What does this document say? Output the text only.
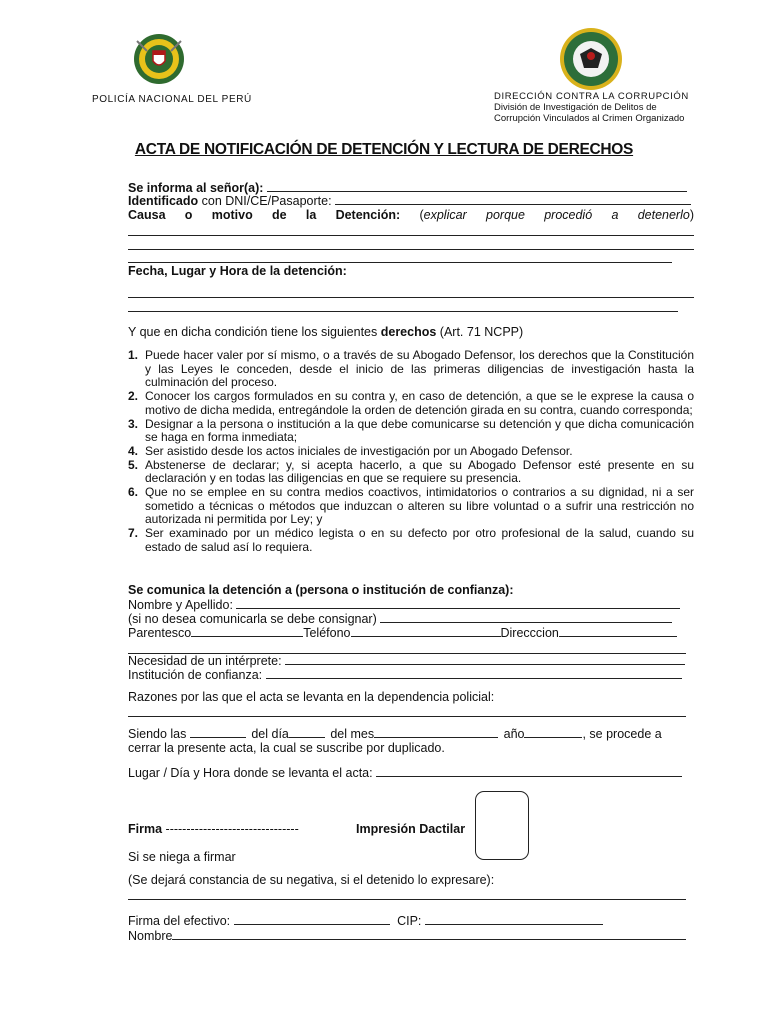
POLICÍA NACIONAL DEL PERÚ	DIRECCIÓN CONTRA LA CORRUPCIÓN
División de Investigación de Delitos de
Corrupción Vinculados al Crimen Organizado
ACTA DE NOTIFICACIÓN DE DETENCIÓN Y LECTURA DE DERECHOS
Se informa al señor(a):
Identificado con DNI/CE/Pasaporte:
Causa o motivo de la Detención: (explicar porque procedió a detenerlo)
Fecha, Lugar y Hora de la detención:
Y que en dicha condición tiene los siguientes derechos (Art. 71 NCPP)
1. Puede hacer valer por sí mismo, o a través de su Abogado Defensor, los derechos que la Constitución y las Leyes le conceden, desde el inicio de las primeras diligencias de investigación hasta la culminación del proceso.
2. Conocer los cargos formulados en su contra y, en caso de detención, a que se le exprese la causa o motivo de dicha medida, entregándole la orden de detención girada en su contra, cuando corresponda;
3. Designar a la persona o institución a la que debe comunicarse su detención y que dicha comunicación se haga en forma inmediata;
4. Ser asistido desde los actos iniciales de investigación por un Abogado Defensor.
5. Abstenerse de declarar; y, si acepta hacerlo, a que su Abogado Defensor esté presente en su declaración y en todas las diligencias en que se requiere su presencia.
6. Que no se emplee en su contra medios coactivos, intimidatorios o contrarios a su dignidad, ni a ser sometido a técnicas o métodos que induzcan o alteren su libre voluntad o a sufrir una restricción no autorizada ni permitida por Ley; y
7. Ser examinado por un médico legista o en su defecto por otro profesional de la salud, cuando su estado de salud así lo requiera.
Se comunica la detención a (persona o institución de confianza):
Nombre y Apellido:
(si no desea comunicarla se debe consignar)
Parentesco	Teléfono	Direcccion
Necesidad de un intérprete:
Institución de confianza:
Razones por las que el acta se levanta en la dependencia policial:
Siendo las	del día	del mes	año	, se procede a
cerrar la presente acta, la cual se suscribe por duplicado.
Lugar / Día y Hora donde se levanta el acta:
Firma --------------------------------	Impresión Dactilar
Si se niega a firmar
(Se dejará constancia de su negativa, si el detenido lo expresare):
Firma del efectivo:	CIP:
Nombre
